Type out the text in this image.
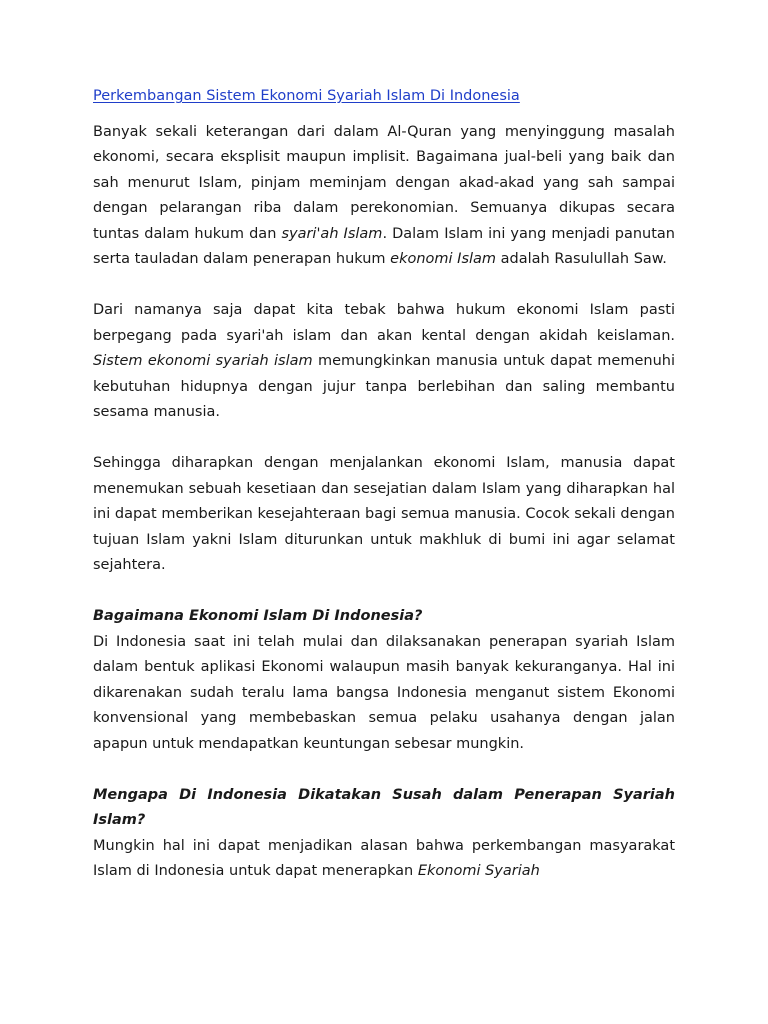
Perkembangan Sistem Ekonomi Syariah Islam Di Indonesia

Banyak sekali keterangan dari dalam Al-Quran yang menyinggung masalah ekonomi, secara eksplisit maupun implisit. Bagaimana jual-beli yang baik dan sah menurut Islam, pinjam meminjam dengan akad-akad yang sah sampai dengan pelarangan riba dalam perekonomian. Semuanya dikupas secara tuntas dalam hukum dan syari'ah Islam. Dalam Islam ini yang menjadi panutan serta tauladan dalam penerapan hukum ekonomi Islam adalah Rasulullah Saw.

Dari namanya saja dapat kita tebak bahwa hukum ekonomi Islam pasti berpegang pada syari'ah islam dan akan kental dengan akidah keislaman. Sistem ekonomi syariah islam memungkinkan manusia untuk dapat memenuhi kebutuhan hidupnya dengan jujur tanpa berlebihan dan saling membantu sesama manusia.

Sehingga diharapkan dengan menjalankan ekonomi Islam, manusia dapat menemukan sebuah kesetiaan dan sesejatian dalam Islam yang diharapkan hal ini dapat memberikan kesejahteraan bagi semua manusia. Cocok sekali dengan tujuan Islam yakni Islam diturunkan untuk makhluk di bumi ini agar selamat sejahtera.

Bagaimana Ekonomi Islam Di Indonesia?

Di Indonesia saat ini telah mulai dan dilaksanakan penerapan syariah Islam dalam bentuk aplikasi Ekonomi walaupun masih banyak kekuranganya. Hal ini dikarenakan sudah teralu lama bangsa Indonesia menganut sistem Ekonomi konvensional yang membebaskan semua pelaku usahanya dengan jalan apapun untuk mendapatkan keuntungan sebesar mungkin.

Mengapa Di Indonesia Dikatakan Susah dalam Penerapan Syariah Islam?

Mungkin hal ini dapat menjadikan alasan bahwa perkembangan masyarakat Islam di Indonesia untuk dapat menerapkan Ekonomi Syariah
